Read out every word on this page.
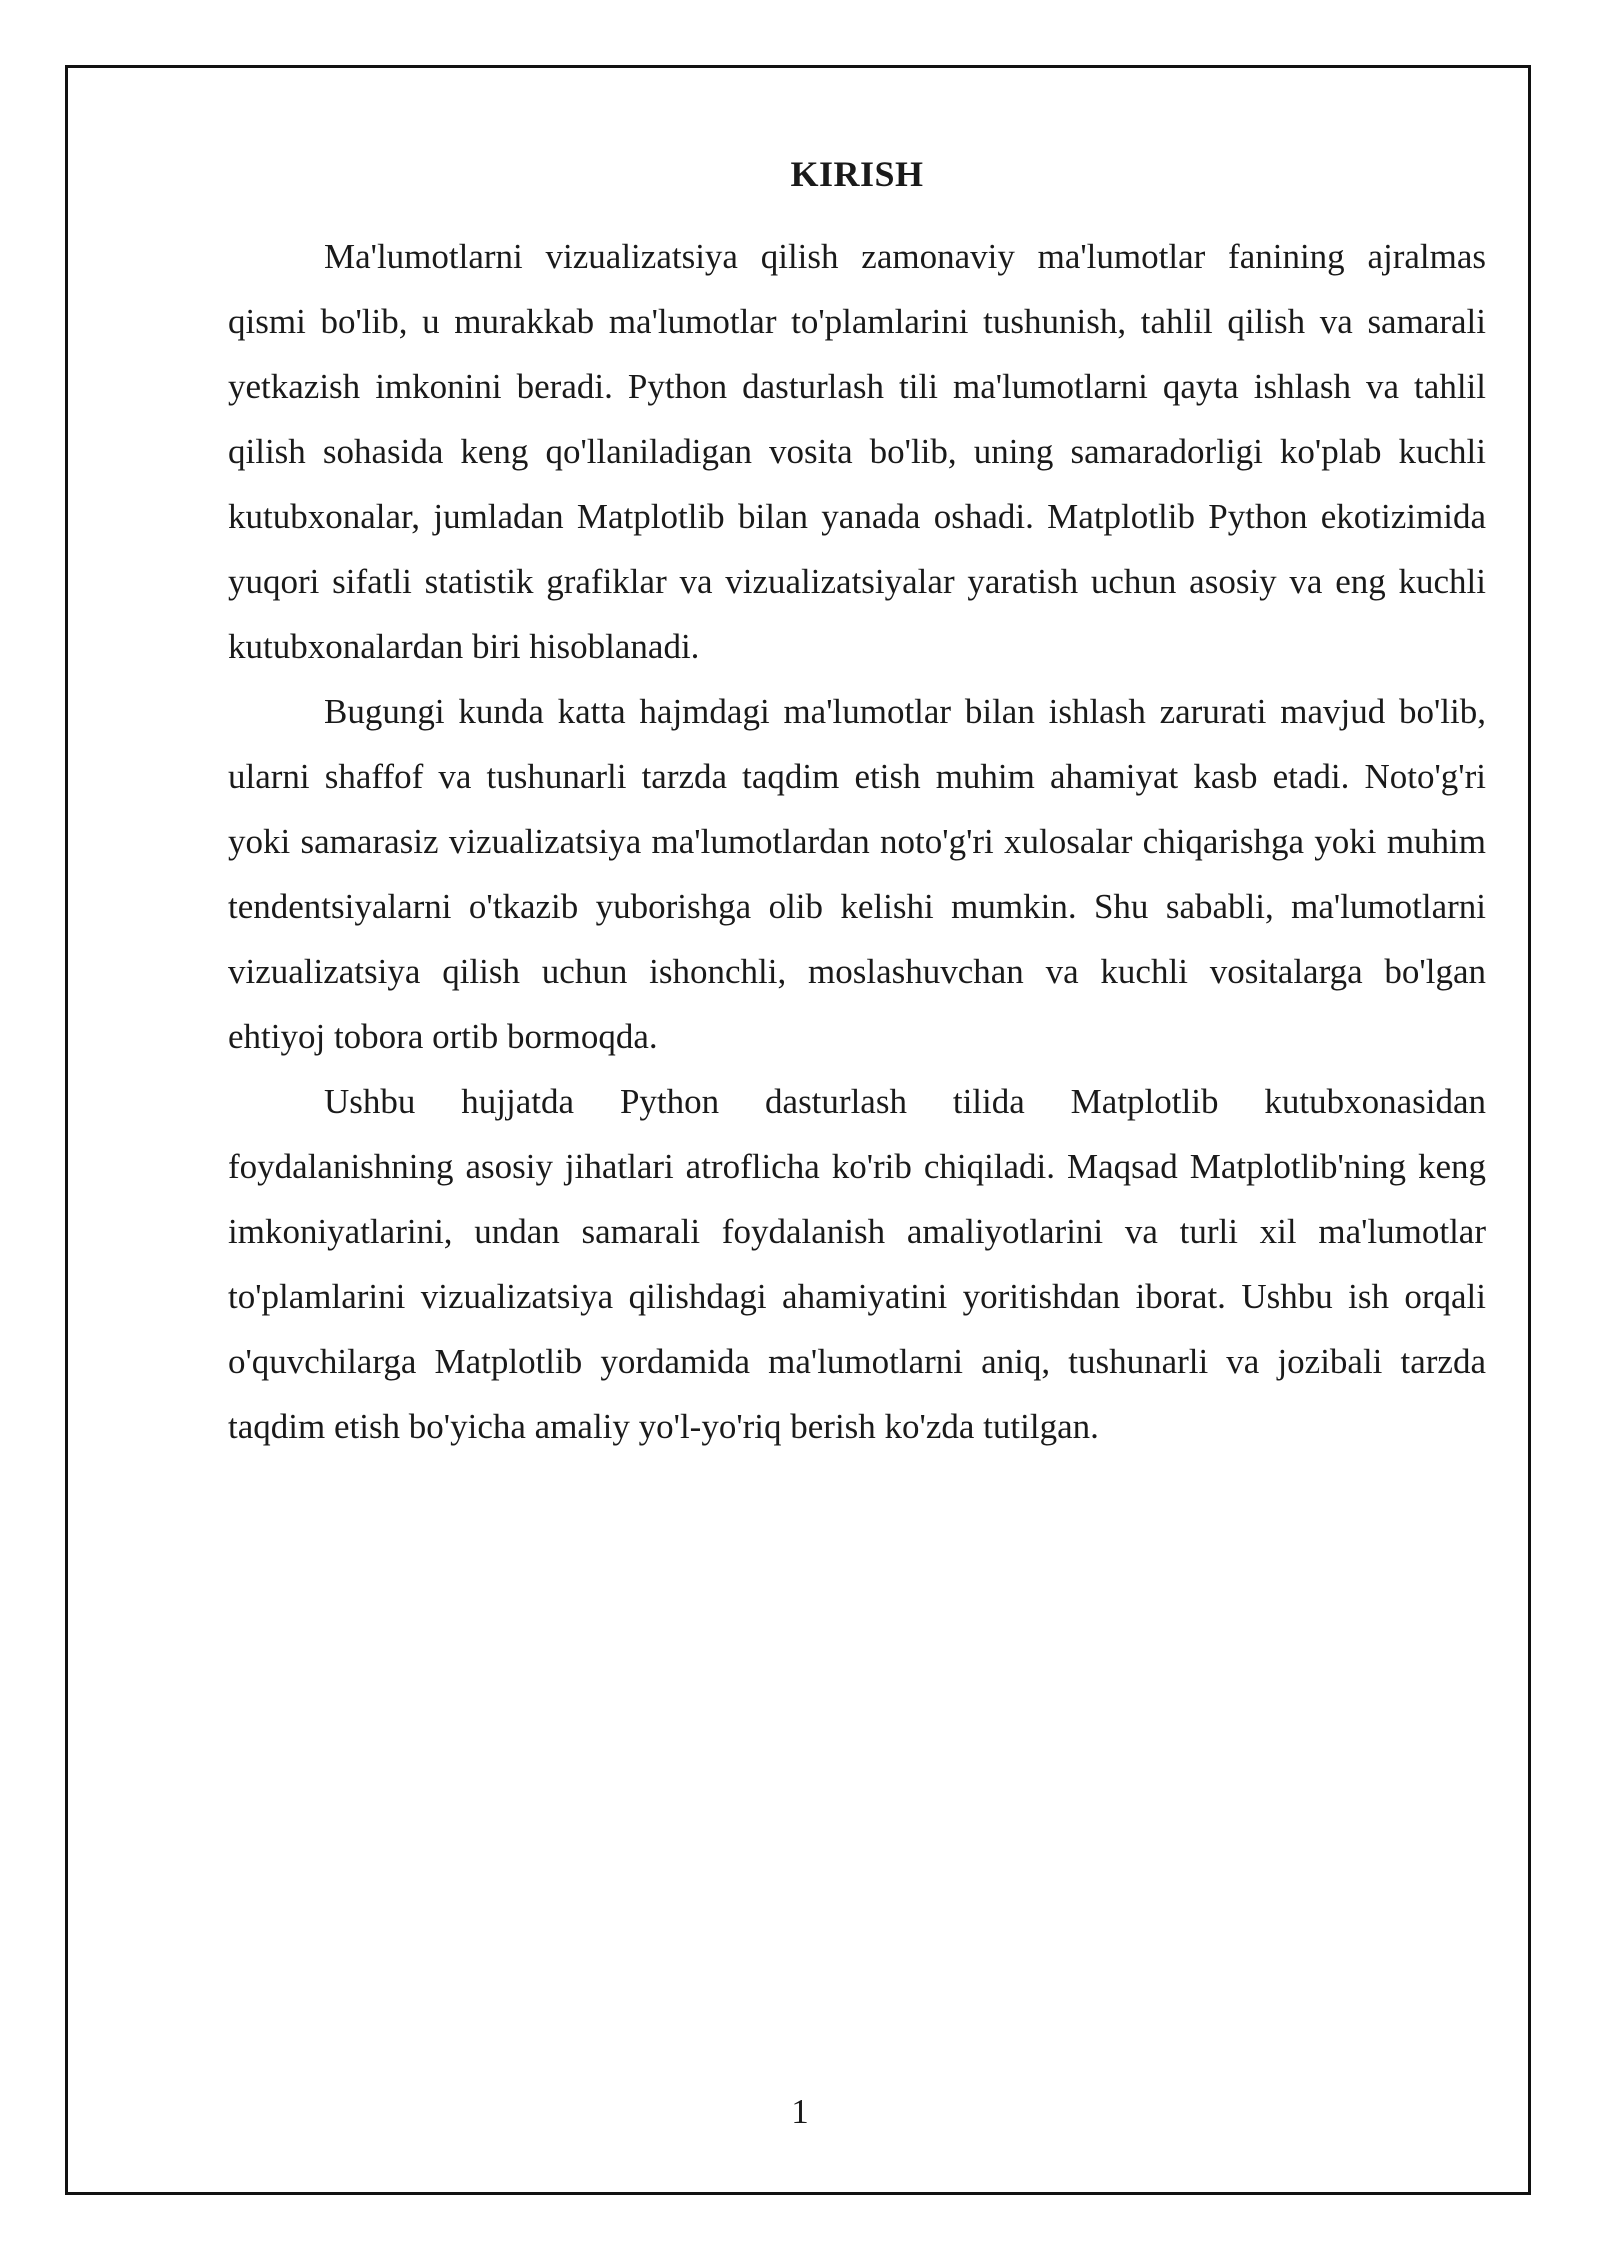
KIRISH

Ma'lumotlarni vizualizatsiya qilish zamonaviy ma'lumotlar fanining ajralmas qismi bo'lib, u murakkab ma'lumotlar to'plamlarini tushunish, tahlil qilish va samarali yetkazish imkonini beradi. Python dasturlash tili ma'lumotlarni qayta ishlash va tahlil qilish sohasida keng qo'llaniladigan vosita bo'lib, uning samaradorligi ko'plab kuchli kutubxonalar, jumladan Matplotlib bilan yanada oshadi. Matplotlib Python ekotizimida yuqori sifatli statistik grafiklar va vizualizatsiyalar yaratish uchun asosiy va eng kuchli kutubxonalardan biri hisoblanadi.

Bugungi kunda katta hajmdagi ma'lumotlar bilan ishlash zarurati mavjud bo'lib, ularni shaffof va tushunarli tarzda taqdim etish muhim ahamiyat kasb etadi. Noto'g'ri yoki samarasiz vizualizatsiya ma'lumotlardan noto'g'ri xulosalar chiqarishga yoki muhim tendentsiyalarni o'tkazib yuborishga olib kelishi mumkin. Shu sababli, ma'lumotlarni vizualizatsiya qilish uchun ishonchli, moslashuvchan va kuchli vositalarga bo'lgan ehtiyoj tobora ortib bormoqda.

Ushbu hujjatda Python dasturlash tilida Matplotlib kutubxonasidan foydalanishning asosiy jihatlari atroflicha ko'rib chiqiladi. Maqsad Matplotlib'ning keng imkoniyatlarini, undan samarali foydalanish amaliyotlarini va turli xil ma'lumotlar to'plamlarini vizualizatsiya qilishdagi ahamiyatini yoritishdan iborat. Ushbu ish orqali o'quvchilarga Matplotlib yordamida ma'lumotlarni aniq, tushunarli va jozibali tarzda taqdim etish bo'yicha amaliy yo'l-yo'riq berish ko'zda tutilgan.

1
